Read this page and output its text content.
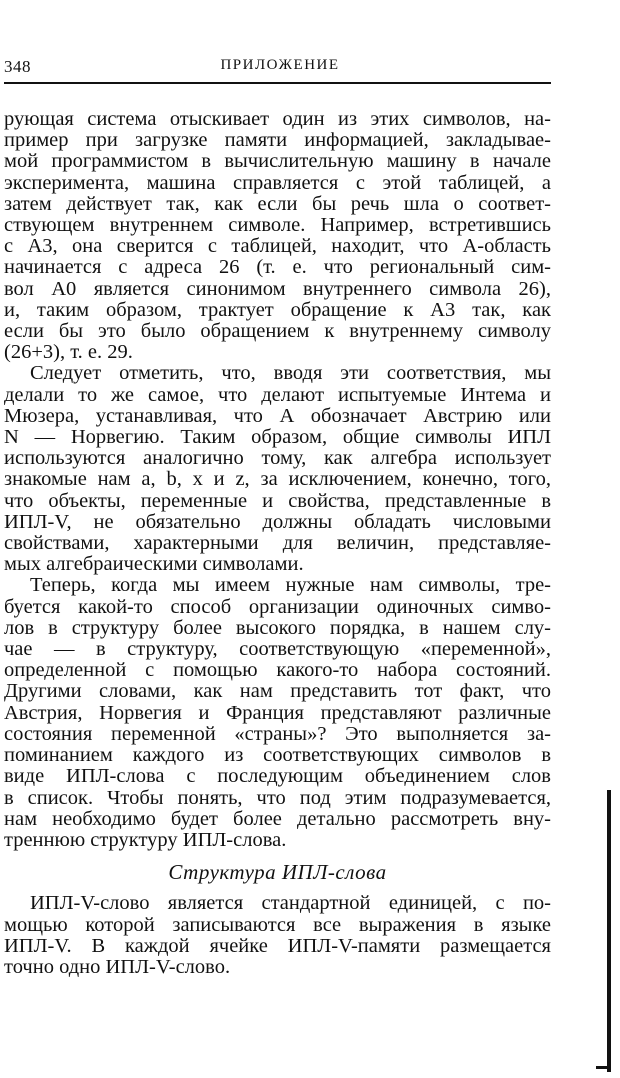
348	ПРИЛОЖЕНИЕ
рующая система отыскивает один из этих символов, на-
пример при загрузке памяти информацией, закладывае-
мой программистом в вычислительную машину в начале
эксперимента, машина справляется с этой таблицей, а
затем действует так, как если бы речь шла о соответ-
ствующем внутреннем символе. Например, встретившись
с А3, она сверится с таблицей, находит, что А-область
начинается с адреса 26 (т. е. что региональный сим-
вол А0 является синонимом внутреннего символа 26),
и, таким образом, трактует обращение к А3 так, как
если бы это было обращением к внутреннему символу
(26+3), т. е. 29.
Следует отметить, что, вводя эти соответствия, мы
делали то же самое, что делают испытуемые Интема и
Мюзера, устанавливая, что А обозначает Австрию или
N — Норвегию. Таким образом, общие символы ИПЛ
используются аналогично тому, как алгебра использует
знакомые нам a, b, x и z, за исключением, конечно, того,
что объекты, переменные и свойства, представленные в
ИПЛ-V, не обязательно должны обладать числовыми
свойствами, характерными для величин, представляе-
мых алгебраическими символами.
Теперь, когда мы имеем нужные нам символы, тре-
буется какой-то способ организации одиночных симво-
лов в структуру более высокого порядка, в нашем слу-
чае — в структуру, соответствующую «переменной»,
определенной с помощью какого-то набора состояний.
Другими словами, как нам представить тот факт, что
Австрия, Норвегия и Франция представляют различные
состояния переменной «страны»? Это выполняется за-
поминанием каждого из соответствующих символов в
виде ИПЛ-слова с последующим объединением слов
в список. Чтобы понять, что под этим подразумевается,
нам необходимо будет более детально рассмотреть вну-
треннюю структуру ИПЛ-слова.
Структура ИПЛ-слова
ИПЛ-V-слово является стандартной единицей, с по-
мощью которой записываются все выражения в языке
ИПЛ-V. В каждой ячейке ИПЛ-V-памяти размещается
точно одно ИПЛ-V-слово.
